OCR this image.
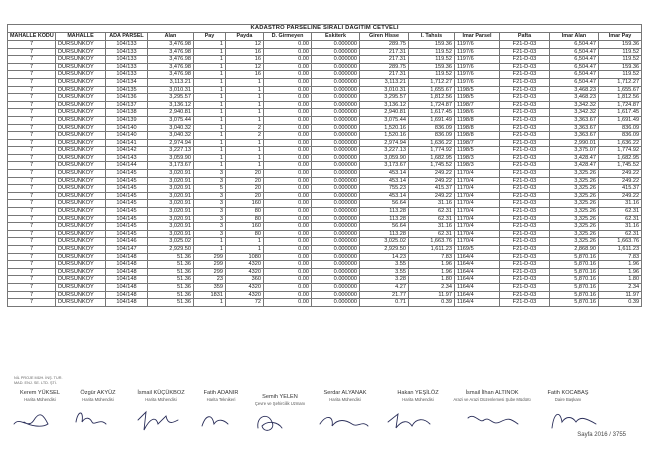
KADASTRO PARSELİNE SIRALI DAĞITIM CETVELİ													
MAHALLE KODU	MAHALLE	ADA PARSEL	Alan	Pay	Payda	D. Girmeyen	Eskiterk	Giren Hisse	İ. Tahsis	İmar Parsel	Pafta	İmar Alan	İmar Pay
7	DURSUNKÖY	104/133	3,476.98	1	12	0.00	0.000000	289.75	159.36	1197/6	F21-D-03	6,504.47	159.36
7	DURSUNKÖY	104/133	3,476.98	1	16	0.00	0.000000	217.31	119.52	1197/6	F21-D-03	6,504.47	119.52
7	DURSUNKÖY	104/133	3,476.98	1	16	0.00	0.000000	217.31	119.52	1197/6	F21-D-03	6,504.47	119.52
7	DURSUNKÖY	104/133	3,476.98	1	12	0.00	0.000000	289.75	159.36	1197/6	F21-D-03	6,504.47	159.36
7	DURSUNKÖY	104/133	3,476.98	1	16	0.00	0.000000	217.31	119.52	1197/6	F21-D-03	6,504.47	119.52
7	DURSUNKÖY	104/134	3,113.21	1	1	0.00	0.000000	3,113.21	1,712.27	1197/6	F21-D-03	6,504.47	1,712.27
7	DURSUNKÖY	104/135	3,010.31	1	1	0.00	0.000000	3,010.31	1,655.67	1198/5	F21-D-03	3,468.23	1,655.67
7	DURSUNKÖY	104/136	3,295.57	1	1	0.00	0.000000	3,295.57	1,812.56	1198/5	F21-D-03	3,468.23	1,812.56
7	DURSUNKÖY	104/137	3,136.12	1	1	0.00	0.000000	3,136.12	1,724.87	1198/7	F21-D-03	3,342.32	1,724.87
7	DURSUNKÖY	104/138	2,940.81	1	1	0.00	0.000000	2,940.81	1,617.45	1198/6	F21-D-03	3,342.32	1,617.45
7	DURSUNKÖY	104/139	3,075.44	1	1	0.00	0.000000	3,075.44	1,691.49	1198/8	F21-D-03	3,363.67	1,691.49
7	DURSUNKÖY	104/140	3,040.32	1	2	0.00	0.000000	1,520.16	836.09	1198/8	F21-D-03	3,363.67	836.09
7	DURSUNKÖY	104/140	3,040.32	1	2	0.00	0.000000	1,520.16	836.09	1198/8	F21-D-03	3,363.67	836.09
7	DURSUNKÖY	104/141	2,974.94	1	1	0.00	0.000000	2,974.94	1,636.22	1198/7	F21-D-03	2,990.01	1,636.22
7	DURSUNKÖY	104/142	3,227.13	1	1	0.00	0.000000	3,227.13	1,774.92	1198/5	F21-D-03	3,375.07	1,774.92
7	DURSUNKÖY	104/143	3,059.90	1	1	0.00	0.000000	3,059.90	1,682.95	1198/3	F21-D-03	3,428.47	1,682.95
7	DURSUNKÖY	104/144	3,173.67	1	1	0.00	0.000000	3,173.67	1,745.52	1198/3	F21-D-03	3,428.47	1,745.52
7	DURSUNKÖY	104/145	3,020.91	3	20	0.00	0.000000	453.14	249.22	1170/4	F21-D-03	3,325.26	249.22
7	DURSUNKÖY	104/145	3,020.91	3	20	0.00	0.000000	453.14	249.22	1170/4	F21-D-03	3,325.26	249.22
7	DURSUNKÖY	104/145	3,020.91	5	20	0.00	0.000000	755.23	415.37	1170/4	F21-D-03	3,325.26	415.37
7	DURSUNKÖY	104/145	3,020.91	3	20	0.00	0.000000	453.14	249.22	1170/4	F21-D-03	3,325.26	249.22
7	DURSUNKÖY	104/145	3,020.91	3	160	0.00	0.000000	56.64	31.16	1170/4	F21-D-03	3,325.26	31.16
7	DURSUNKÖY	104/145	3,020.91	3	80	0.00	0.000000	113.28	62.31	1170/4	F21-D-03	3,325.26	62.31
7	DURSUNKÖY	104/145	3,020.91	3	80	0.00	0.000000	113.28	62.31	1170/4	F21-D-03	3,325.26	62.31
7	DURSUNKÖY	104/145	3,020.91	3	160	0.00	0.000000	56.64	31.16	1170/4	F21-D-03	3,325.26	31.16
7	DURSUNKÖY	104/145	3,020.91	3	80	0.00	0.000000	113.28	62.31	1170/4	F21-D-03	3,325.26	62.31
7	DURSUNKÖY	104/146	3,025.02	1	1	0.00	0.000000	3,025.02	1,663.76	1170/4	F21-D-03	3,325.26	1,663.76
7	DURSUNKÖY	104/147	2,929.50	1	1	0.00	0.000000	2,929.50	1,611.23	1169/5	F21-D-03	2,868.90	1,611.23
7	DURSUNKÖY	104/148	51.36	299	1080	0.00	0.000000	14.23	7.83	1164/4	F21-D-03	5,870.16	7.83
7	DURSUNKÖY	104/148	51.36	299	4320	0.00	0.000000	3.55	1.96	1164/4	F21-D-03	5,870.16	1.96
7	DURSUNKÖY	104/148	51.36	299	4320	0.00	0.000000	3.55	1.96	1164/4	F21-D-03	5,870.16	1.96
7	DURSUNKÖY	104/148	51.36	23	360	0.00	0.000000	3.28	1.80	1164/4	F21-D-03	5,870.16	1.80
7	DURSUNKÖY	104/148	51.36	359	4320	0.00	0.000000	4.27	2.34	1164/4	F21-D-03	5,870.16	2.34
7	DURSUNKÖY	104/148	51.36	1831	4320	0.00	0.000000	21.77	11.97	1164/4	F21-D-03	5,870.16	11.97
7	DURSUNKÖY	104/148	51.36	1	72	0.00	0.000000	0.71	0.39	1164/4	F21-D-03	5,870.16	0.39
NİL PROJE MÜH. İNŞ. TUR.
MAD. ENJ. SE. LTD. ŞTİ.
Kerem YÜKSEL
Harita Mühendisi
Özgür AKYÜZ
Harita Mühendisi
İsmail KÜÇÜKBOZ
Harita Mühendisi
Fatih ADANIR
Harita Teknikeri	Semih YELEN
Çevre ve Şehircilik Uzmanı
Serdar ALYANAK
Harita Mühendisi
Hakan YEŞİLÖZ
Harita Mühendisi
İsmail İlhan ALTINOK
Arazi ve Arazi Düzenlemesi Şube Müdürü
Fatih KOCABAŞ
Daire Başkanı
Sayfa 2016 / 3755
